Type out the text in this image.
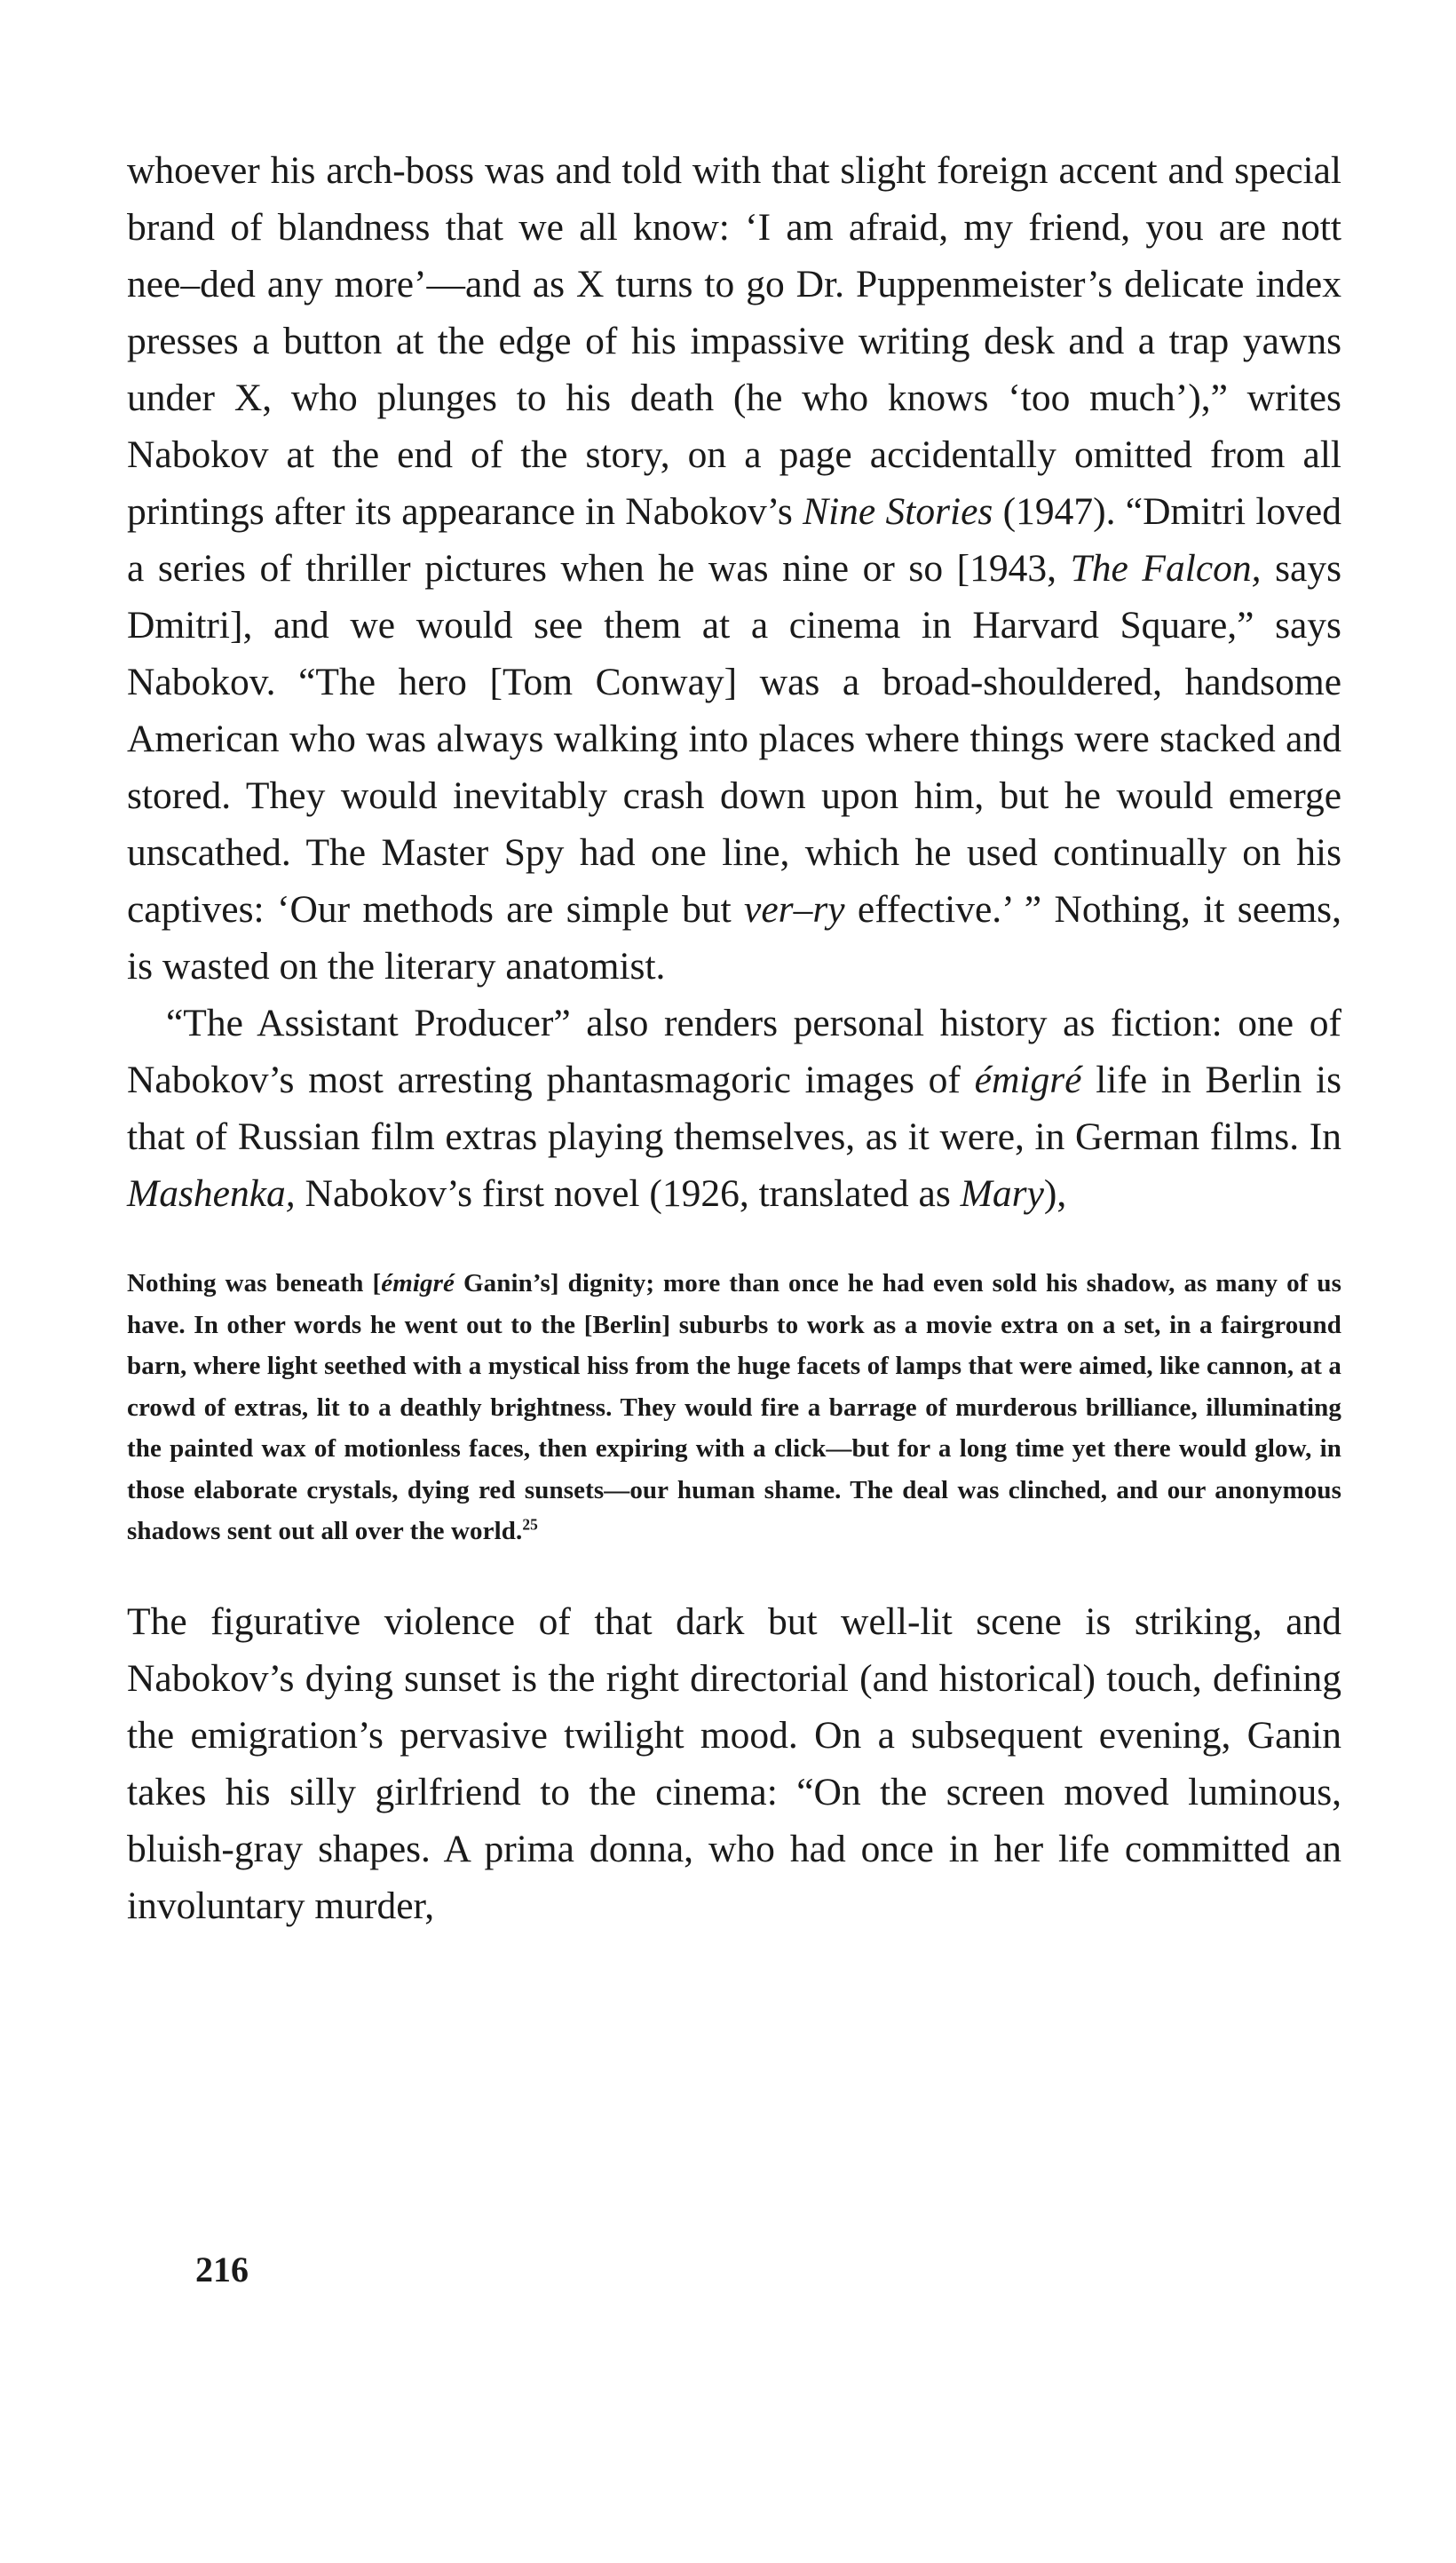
whoever his arch-boss was and told with that slight foreign accent and special brand of blandness that we all know: ‘I am afraid, my friend, you are nott nee–ded any more’—and as X turns to go Dr. Puppenmeister’s delicate index presses a button at the edge of his impassive writing desk and a trap yawns under X, who plunges to his death (he who knows ‘too much’),” writes Nabokov at the end of the story, on a page accidentally omitted from all printings after its appearance in Nabokov’s Nine Stories (1947). “Dmitri loved a series of thriller pictures when he was nine or so [1943, The Falcon, says Dmitri], and we would see them at a cinema in Harvard Square,” says Nabokov. “The hero [Tom Conway] was a broad-shouldered, handsome American who was always walking into places where things were stacked and stored. They would inevitably crash down upon him, but he would emerge unscathed. The Master Spy had one line, which he used continually on his captives: ‘Our methods are simple but ver–ry effective.’ ” Nothing, it seems, is wasted on the literary anatomist.

“The Assistant Producer” also renders personal history as fiction: one of Nabokov’s most arresting phantasmagoric images of émigré life in Berlin is that of Russian film extras playing themselves, as it were, in German films. In Mashenka, Nabokov’s first novel (1926, translated as Mary),

Nothing was beneath [émigré Ganin’s] dignity; more than once he had even sold his shadow, as many of us have. In other words he went out to the [Berlin] suburbs to work as a movie extra on a set, in a fairground barn, where light seethed with a mystical hiss from the huge facets of lamps that were aimed, like cannon, at a crowd of extras, lit to a deathly brightness. They would fire a barrage of murderous brilliance, illuminating the painted wax of motionless faces, then expiring with a click—but for a long time yet there would glow, in those elaborate crystals, dying red sunsets—our human shame. The deal was clinched, and our anonymous shadows sent out all over the world.$^{25}$

The figurative violence of that dark but well-lit scene is striking, and Nabokov’s dying sunset is the right directorial (and historical) touch, defining the emigration’s pervasive twilight mood. On a subsequent evening, Ganin takes his silly girlfriend to the cinema: “On the screen moved luminous, bluish-gray shapes. A prima donna, who had once in her life committed an involuntary murder,

216
